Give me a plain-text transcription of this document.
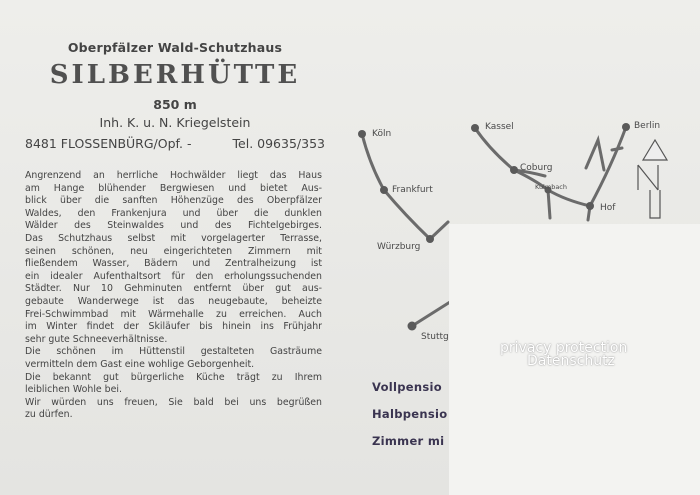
Oberpfälzer Wald-Schutzhaus
SILBERHÜTTE
850 m
Inh. K. u. N. Kriegelstein
8481 FLOSSENBÜRG/Opf. -	Tel. 09635/353
Angrenzend an herrliche Hochwälder liegt das Haus
am Hange blühender Bergwiesen und bietet Aus-
blick über die sanften Höhenzüge des Oberpfälzer
Waldes, den Frankenjura und über die dunklen
Wälder des Steinwaldes und des Fichtelgebirges.
Das Schutzhaus selbst mit vorgelagerter Terrasse,
seinen schönen, neu eingerichteten Zimmern mit
fließendem Wasser, Bädern und Zentralheizung ist
ein idealer Aufenthaltsort für den erholungssuchenden
Städter. Nur 10 Gehminuten entfernt über gut aus-
gebaute Wanderwege ist das neugebaute, beheizte
Frei-Schwimmbad mit Wärmehalle zu erreichen. Auch
im Winter findet der Skiläufer bis hinein ins Frühjahr
sehr gute Schneeverhältnisse.
Die schönen im Hüttenstil gestalteten Gasträume
vermitteln dem Gast eine wohlige Geborgenheit.
Die bekannt gut bürgerliche Küche trägt zu Ihrem
leiblichen Wohle bei.
Wir würden uns freuen, Sie bald bei uns begrüßen
zu dürfen.
Köln
Frankfurt
Würzburg
Stuttg
Kassel
Coburg
Kulmbach
Hof
Berlin
Vollpensio
Halbpensio
Zimmer mi
privacy protection
Datenschutz
